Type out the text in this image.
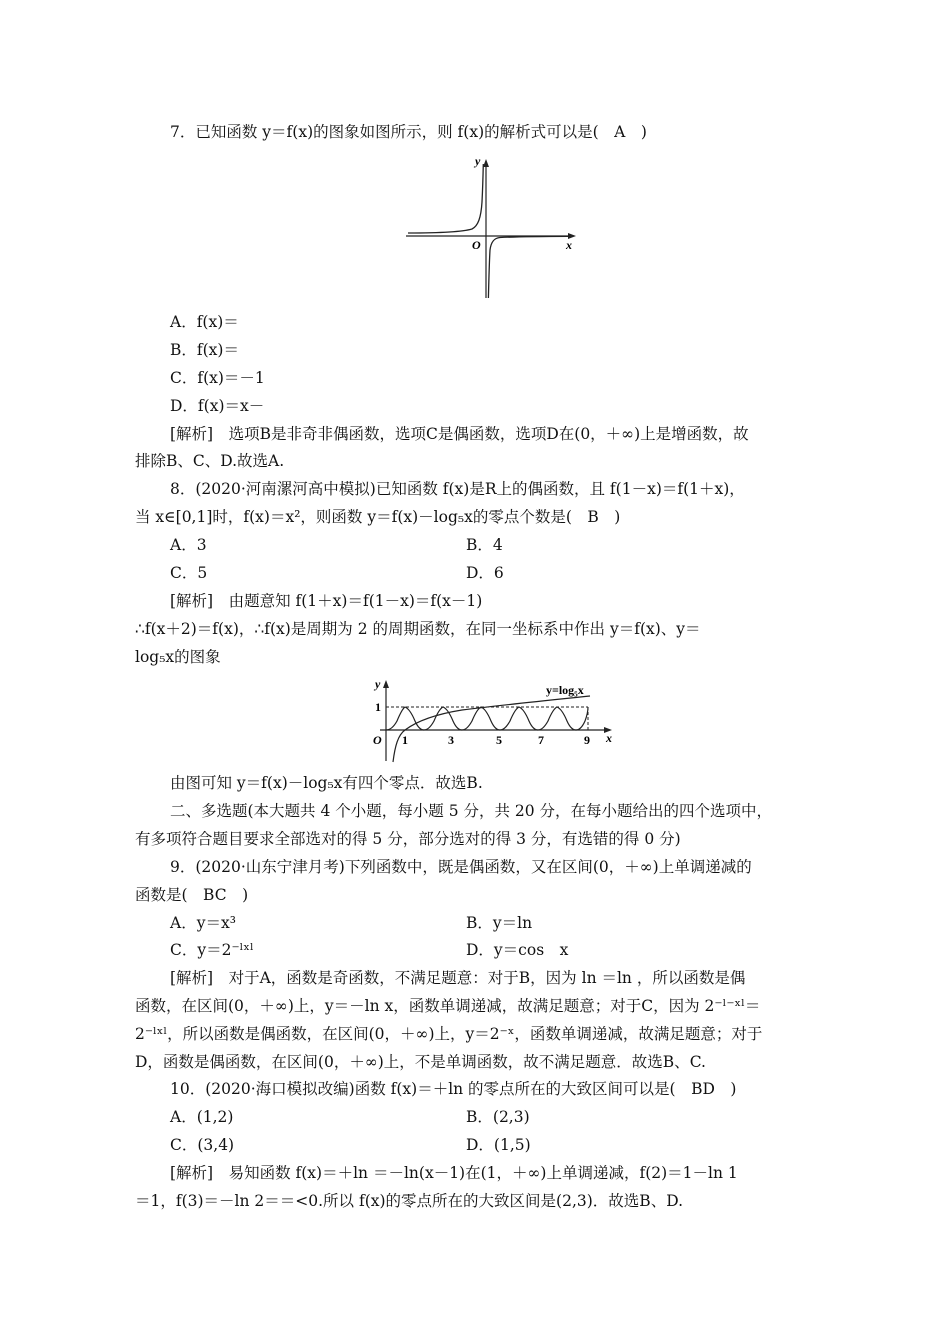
7．已知函数 y＝f(x)的图象如图所示，则 f(x)的解析式可以是(　A　)
y
x
O
A．f(x)＝
B．f(x)＝
C．f(x)＝－1
D．f(x)＝x－
[解析]　选项B是非奇非偶函数，选项C是偶函数，选项D在(0，＋∞)上是增函数，故
排除B、C、D.故选A.
8．(2020·河南漯河高中模拟)已知函数 f(x)是R上的偶函数，且 f(1－x)＝f(1＋x)，
当 x∈[0,1]时，f(x)＝x²，则函数 y＝f(x)－log₅x的零点个数是(　B　)
A．3	B．4
C．5	D．6
[解析]　由题意知 f(1＋x)＝f(1－x)＝f(x－1)
∴f(x＋2)＝f(x)，∴f(x)是周期为 2 的周期函数，在同一坐标系中作出 y＝f(x)、y＝
log₅x的图象
y
x
O
1
y=log₅x
1	3	5	7	9
由图可知 y＝f(x)－log₅x有四个零点．故选B.
二、多选题(本大题共 4 个小题，每小题 5 分，共 20 分，在每小题给出的四个选项中，
有多项符合题目要求全部选对的得 5 分，部分选对的得 3 分，有选错的得 0 分)
9．(2020·山东宁津月考)下列函数中，既是偶函数，又在区间(0，＋∞)上单调递减的
函数是(　BC　)
A．y＝x³	B．y＝ln
C．y＝2⁻ˡˣˡ	D．y＝cos　x
[解析]　对于A，函数是奇函数，不满足题意：对于B，因为 ln ＝ln ，所以函数是偶
函数，在区间(0，＋∞)上，y＝－ln x，函数单调递减，故满足题意；对于C，因为 2⁻ˡ⁻ˣˡ＝
2⁻ˡˣˡ，所以函数是偶函数，在区间(0，＋∞)上，y＝2⁻ˣ，函数单调递减，故满足题意；对于
D，函数是偶函数，在区间(0，＋∞)上，不是单调函数，故不满足题意．故选B、C.
10．(2020·海口模拟改编)函数 f(x)＝＋ln 的零点所在的大致区间可以是(　BD　)
A．(1,2)	B．(2,3)
C．(3,4)	D．(1,5)
[解析]　易知函数 f(x)＝＋ln ＝－ln(x－1)在(1，＋∞)上单调递减，f(2)＝1－ln 1
＝1，f(3)＝－ln 2＝＝<0.所以 f(x)的零点所在的大致区间是(2,3)．故选B、D.
